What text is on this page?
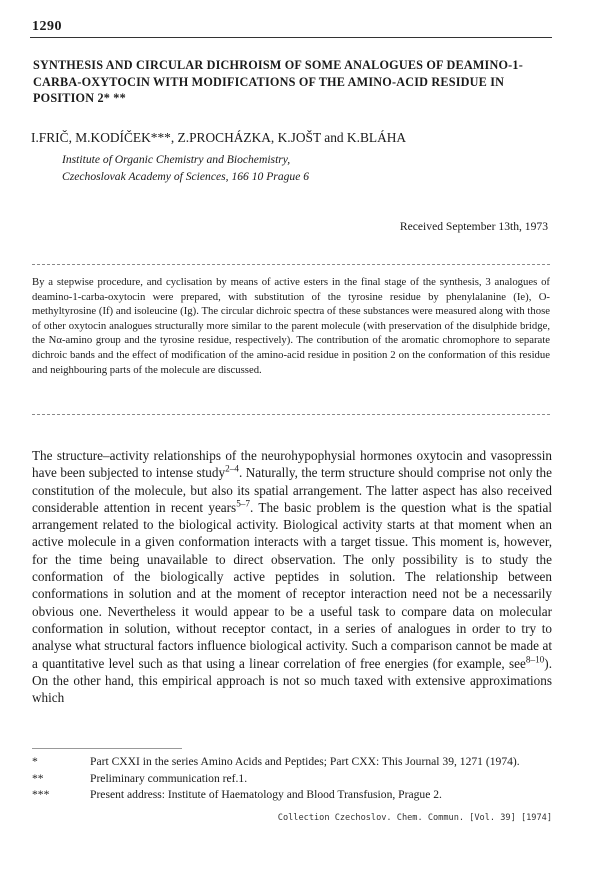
1290
SYNTHESIS AND CIRCULAR DICHROISM OF SOME ANALOGUES OF DEAMINO-1-CARBA-OXYTOCIN WITH MODIFICATIONS OF THE AMINO-ACID RESIDUE IN POSITION 2* **

I.FRIČ, M.KODÍČEK***, Z.PROCHÁZKA, K.JOŠT and K.BLÁHA

Institute of Organic Chemistry and Biochemistry,
Czechoslovak Academy of Sciences, 166 10 Prague 6
Received September 13th, 1973

By a stepwise procedure, and cyclisation by means of active esters in the final stage of the synthesis, 3 analogues of deamino-1-carba-oxytocin were prepared, with substitution of the tyrosine residue by phenylalanine (Ie), O-methyltyrosine (If) and isoleucine (Ig). The circular dichroic spectra of these substances were measured along with those of other oxytocin analogues structurally more similar to the parent molecule (with preservation of the disulphide bridge, the Nα-amino group and the tyrosine residue, respectively). The contribution of the aromatic chromophore to separate dichroic bands and the effect of modification of the amino-acid residue in position 2 on the conformation of this residue and neighbouring parts of the molecule are discussed.

The structure–activity relationships of the neurohypophysial hormones oxytocin and vasopressin have been subjected to intense study$^{2-4}$. Naturally, the term structure should comprise not only the constitution of the molecule, but also its spatial arrangement. The latter aspect has also received considerable attention in recent years$^{5-7}$. The basic problem is the question what is the spatial arrangement related to the biological activity. Biological activity starts at that moment when an active molecule in a given conformation interacts with a target tissue. This moment is, however, for the time being unavailable to direct observation. The only possibility is to study the conformation of the biologically active peptides in solution. The relationship between conformations in solution and at the moment of receptor interaction need not be a necessarily obvious one. Nevertheless it would appear to be a useful task to compare data on molecular conformation in solution, without receptor contact, in a series of analogues in order to try to analyse what structural factors influence biological activity. Such a comparison cannot be made at a quantitative level such as that using a linear correlation of free energies (for example, see$^{8-10}$). On the other hand, this empirical approach is not so much taxed with extensive approximations which

*	Part CXXI in the series Amino Acids and Peptides; Part CXX: This Journal 39, 1271 (1974).
**	Preliminary communication ref.1.
***	Present address: Institute of Haematology and Blood Transfusion, Prague 2.
Collection Czechoslov. Chem. Commun. [Vol. 39] [1974]
